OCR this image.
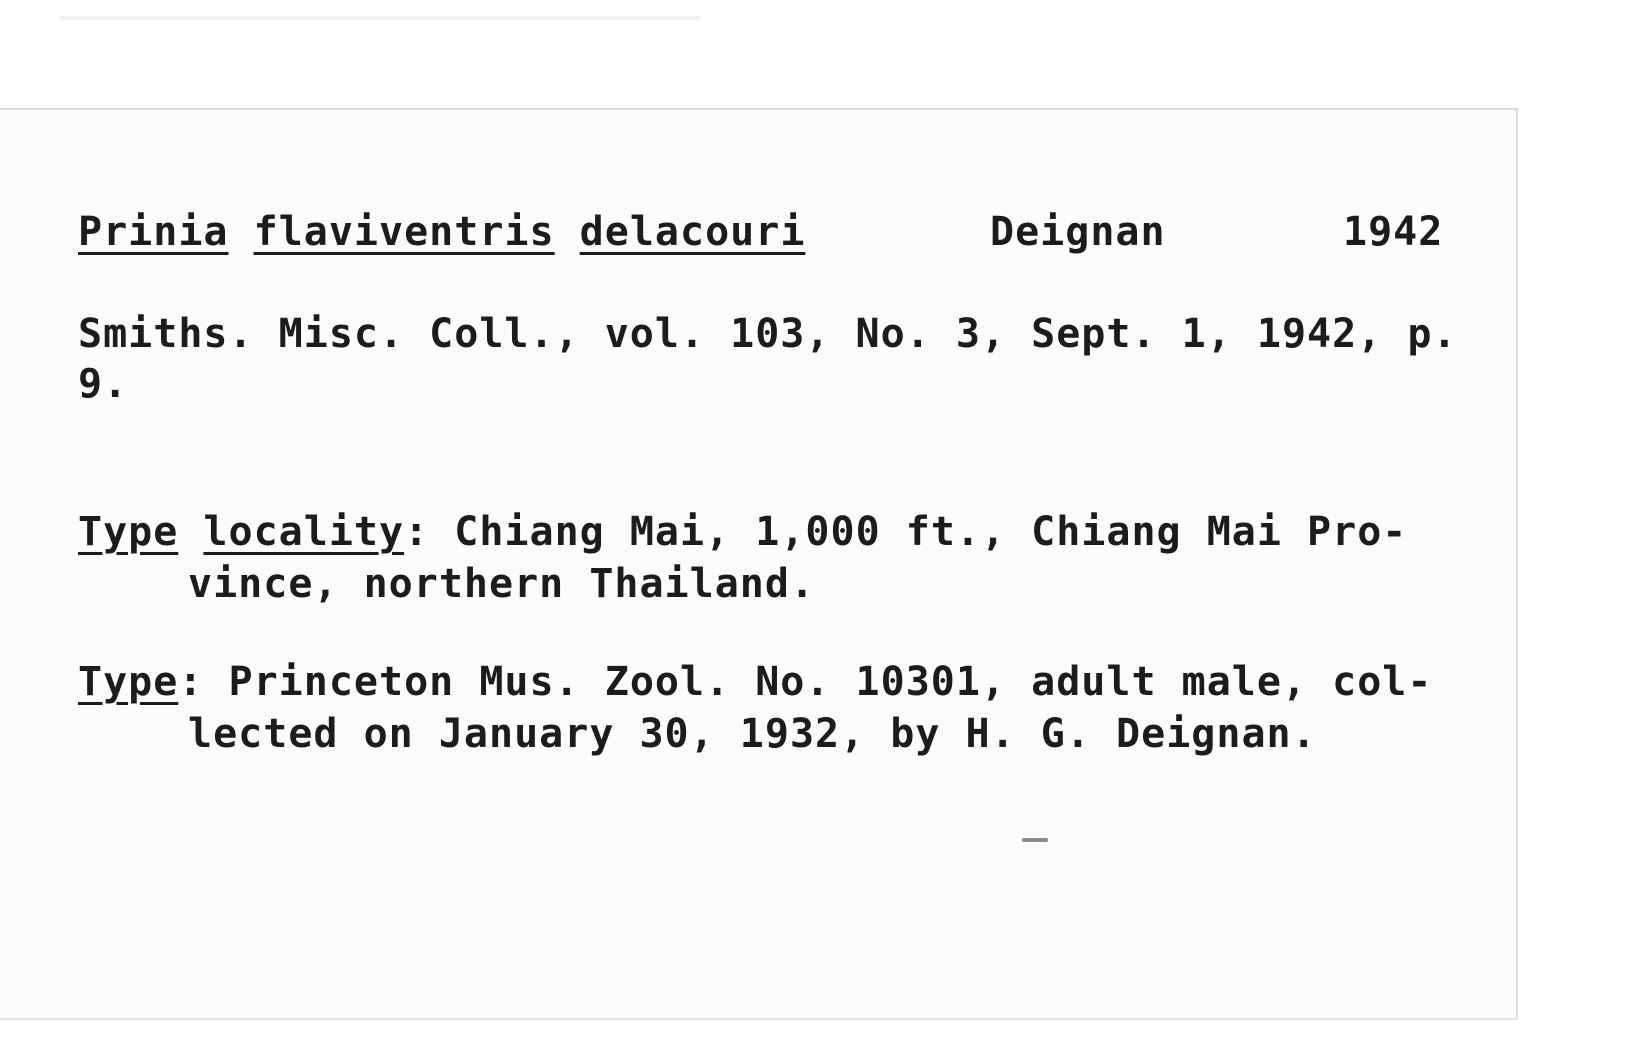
Prinia flaviventris delacouri	Deignan	1942
Smiths. Misc. Coll., vol. 103, No. 3, Sept. 1, 1942, p.
9.
Type locality: Chiang Mai, 1,000 ft., Chiang Mai Pro-
vince, northern Thailand.
Type: Princeton Mus. Zool. No. 10301, adult male, col-
lected on January 30, 1932, by H. G. Deignan.
